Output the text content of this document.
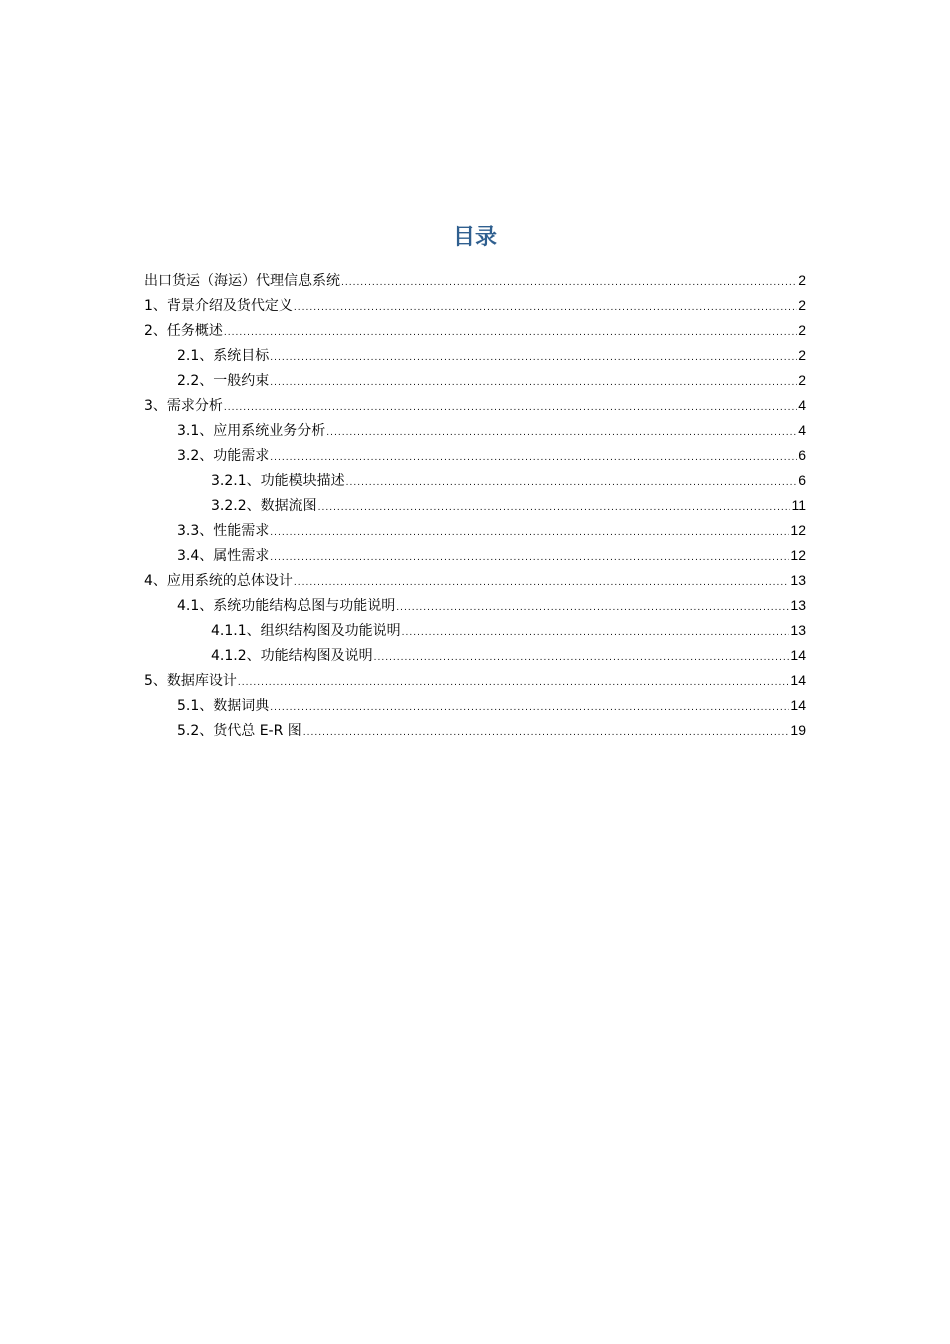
目录
出口货运（海运）代理信息系统 .....	2
1、背景介绍及货代定义 .....	2
2、任务概述 .....	2
2.1、系统目标 .....	2
2.2、一般约束 .....	2
3、需求分析 .....	4
3.1、应用系统业务分析 .....	4
3.2、功能需求 .....	6
3.2.1、功能模块描述 .....	6
3.2.2、数据流图 .....	11
3.3、性能需求 .....	12
3.4、属性需求 .....	12
4、应用系统的总体设计 .....	13
4.1、系统功能结构总图与功能说明 .....	13
4.1.1、组织结构图及功能说明 .....	13
4.1.2、功能结构图及说明 .....	14
5、数据库设计 .....	14
5.1、数据词典 .....	14
5.2、货代总 E-R 图 .....	19
